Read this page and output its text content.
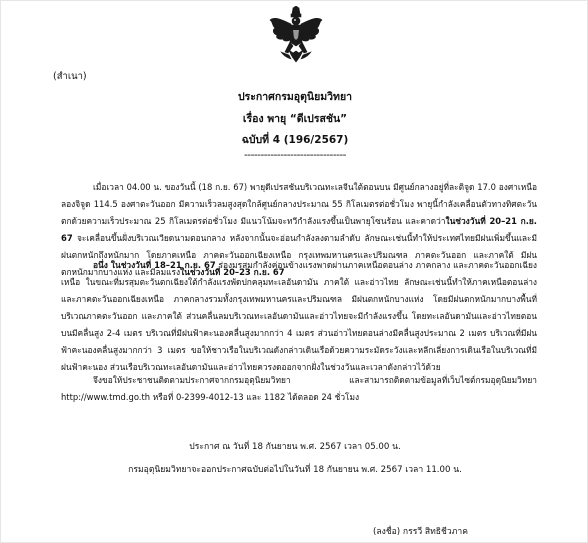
(สำเนา)
ประกาศกรมอุตุนิยมวิทยา
เรื่อง พายุ “ดีเปรสชัน”
ฉบับที่ 4 (196/2567)
-------------------------------
เมื่อเวลา 04.00 น. ของวันนี้ (18 ก.ย. 67) พายุดีเปรสชันบริเวณทะเลจีนใต้ตอนบน มีศูนย์กลางอยู่ที่ละติจูด 17.0 องศาเหนือ ลองจิจูด 114.5 องศาตะวันออก มีความเร็วลมสูงสุดใกล้ศูนย์กลางประมาณ 55 กิโลเมตรต่อชั่วโมง พายุนี้กำลังเคลื่อนตัวทางทิศตะวันตกด้วยความเร็วประมาณ 25 กิโลเมตรต่อชั่วโมง มีแนวโน้มจะทวีกำลังแรงขึ้นเป็นพายุโซนร้อน และคาดว่าในช่วงวันที่ 20–21 ก.ย. 67 จะเคลื่อนขึ้นฝั่งบริเวณเวียดนามตอนกลาง หลังจากนั้นจะอ่อนกำลังลงตามลำดับ ลักษณะเช่นนี้ทำให้ประเทศไทยมีฝนเพิ่มขึ้นและมีฝนตกหนักถึงหนักมาก โดยภาคเหนือ ภาคตะวันออกเฉียงเหนือ กรุงเทพมหานครและปริมณฑล ภาคตะวันออก และภาคใต้ มีฝนตกหนักมากบางแห่ง และมีลมแรงในช่วงวันที่ 20–23 ก.ย. 67
อนึ่ง ในช่วงวันที่ 18–21 ก.ย. 67 ร่องมรสุมกำลังค่อนข้างแรงพาดผ่านภาคเหนือตอนล่าง ภาคกลาง และภาคตะวันออกเฉียงเหนือ ในขณะที่มรสุมตะวันตกเฉียงใต้กำลังแรงพัดปกคลุมทะเลอันดามัน ภาคใต้ และอ่าวไทย ลักษณะเช่นนี้ทำให้ภาคเหนือตอนล่าง และภาคตะวันออกเฉียงเหนือ ภาคกลางรวมทั้งกรุงเทพมหานครและปริมณฑล มีฝนตกหนักบางแห่ง โดยมีฝนตกหนักมากบางพื้นที่ บริเวณภาคตะวันออก และภาคใต้ ส่วนคลื่นลมบริเวณทะเลอันดามันและอ่าวไทยจะมีกำลังแรงขึ้น โดยทะเลอันดามันและอ่าวไทยตอนบนมีคลื่นสูง 2-4 เมตร บริเวณที่มีฝนฟ้าคะนองคลื่นสูงมากกว่า 4 เมตร ส่วนอ่าวไทยตอนล่างมีคลื่นสูงประมาณ 2 เมตร บริเวณที่มีฝนฟ้าคะนองคลื่นสูงมากกว่า 3 เมตร ขอให้ชาวเรือในบริเวณดังกล่าวเดินเรือด้วยความระมัดระวังและหลีกเลี่ยงการเดินเรือในบริเวณที่มีฝนฟ้าคะนอง ส่วนเรือบริเวณทะเลอันดามันและอ่าวไทยควรงดออกจากฝั่งในช่วงวันและเวลาดังกล่าวไว้ด้วย
จึงขอให้ประชาชนติดตามประกาศจากกรมอุตุนิยมวิทยา และสามารถติดตามข้อมูลที่เว็บไซต์กรมอุตุนิยมวิทยา http://www.tmd.go.th หรือที่ 0-2399-4012-13 และ 1182 ได้ตลอด 24 ชั่วโมง
ประกาศ ณ วันที่ 18 กันยายน พ.ศ. 2567 เวลา 05.00 น.
กรมอุตุนิยมวิทยาจะออกประกาศฉบับต่อไปในวันที่ 18 กันยายน พ.ศ. 2567 เวลา 11.00 น.
(ลงชื่อ) กรรวี สิทธิชีวภาค
